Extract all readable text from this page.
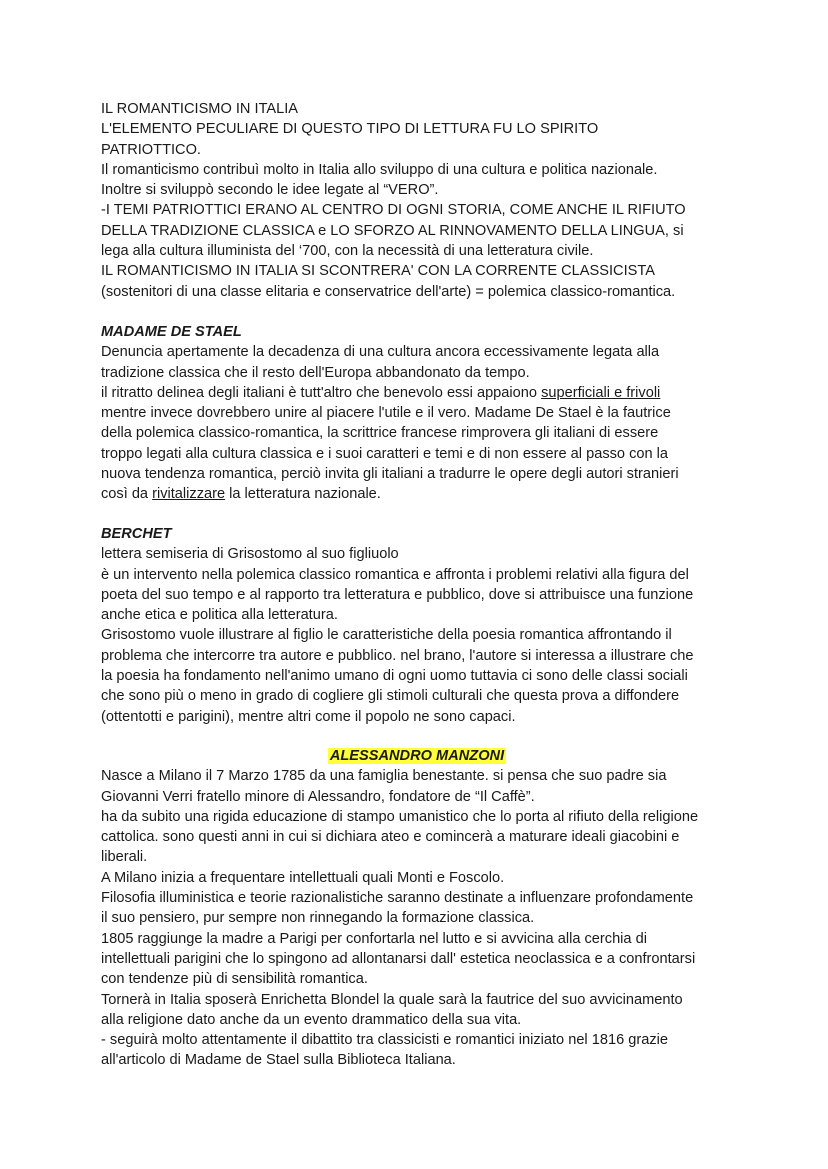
IL ROMANTICISMO IN ITALIA

L'ELEMENTO PECULIARE DI QUESTO TIPO DI LETTURA FU LO SPIRITO

PATRIOTTICO.

Il romanticismo contribuì molto in Italia allo sviluppo di una cultura e politica nazionale.

Inoltre si sviluppò secondo le idee legate al “VERO”.

-I TEMI PATRIOTTICI ERANO AL CENTRO DI OGNI STORIA, COME ANCHE IL RIFIUTO

DELLA TRADIZIONE CLASSICA e LO SFORZO AL RINNOVAMENTO DELLA LINGUA, si

lega alla cultura illuminista del ‘700, con la necessità di una letteratura civile.

IL ROMANTICISMO IN ITALIA SI SCONTRERA' CON LA CORRENTE CLASSICISTA

(sostenitori di una classe elitaria e conservatrice dell'arte) = polemica classico-romantica.

MADAME DE STAEL

Denuncia apertamente la decadenza di una cultura ancora eccessivamente legata alla

tradizione classica che il resto dell'Europa abbandonato da tempo.

il ritratto delinea degli italiani è tutt'altro che benevolo essi appaiono superficiali e frivoli

mentre invece dovrebbero unire al piacere l'utile e il vero. Madame De Stael è la fautrice

della polemica classico-romantica, la scrittrice francese rimprovera gli italiani di essere

troppo legati alla cultura classica e i suoi caratteri e temi e di non essere al passo con la

nuova tendenza romantica, perciò invita gli italiani a tradurre le opere degli autori stranieri

così da rivitalizzare la letteratura nazionale.

BERCHET

lettera semiseria di Grisostomo al suo figliuolo

è un intervento nella polemica classico romantica e affronta i problemi relativi alla figura del

poeta del suo tempo e al rapporto tra letteratura e pubblico, dove si attribuisce una funzione

anche etica e politica alla letteratura.

Grisostomo vuole illustrare al figlio le caratteristiche della poesia romantica affrontando il

problema che intercorre tra autore e pubblico. nel brano, l'autore si interessa a illustrare che

la poesia ha fondamento nell'animo umano di ogni uomo tuttavia ci sono delle classi sociali

che sono più o meno in grado di cogliere gli stimoli culturali che questa prova a diffondere

(ottentotti e parigini), mentre altri come il popolo ne sono capaci.

ALESSANDRO MANZONI

Nasce a Milano il 7 Marzo 1785 da una famiglia benestante. si pensa che suo padre sia

Giovanni Verri fratello minore di Alessandro, fondatore de “Il Caffè”.

ha da subito una rigida educazione di stampo umanistico che lo porta al rifiuto della religione

cattolica. sono questi anni in cui si dichiara ateo e comincerà a maturare ideali giacobini e

liberali.

A Milano inizia a frequentare intellettuali quali Monti e Foscolo.

Filosofia illuministica e teorie razionalistiche saranno destinate a influenzare profondamente

il suo pensiero, pur sempre non rinnegando la formazione classica.

1805 raggiunge la madre a Parigi per confortarla nel lutto e si avvicina alla cerchia di

intellettuali parigini che lo spingono ad allontanarsi dall' estetica neoclassica e a confrontarsi

con tendenze più di sensibilità romantica.

Tornerà in Italia sposerà Enrichetta Blondel la quale sarà la fautrice del suo avvicinamento

alla religione dato anche da un evento drammatico della sua vita.

- seguirà molto attentamente il dibattito tra classicisti e romantici iniziato nel 1816 grazie

all'articolo di Madame de Stael sulla Biblioteca Italiana.
